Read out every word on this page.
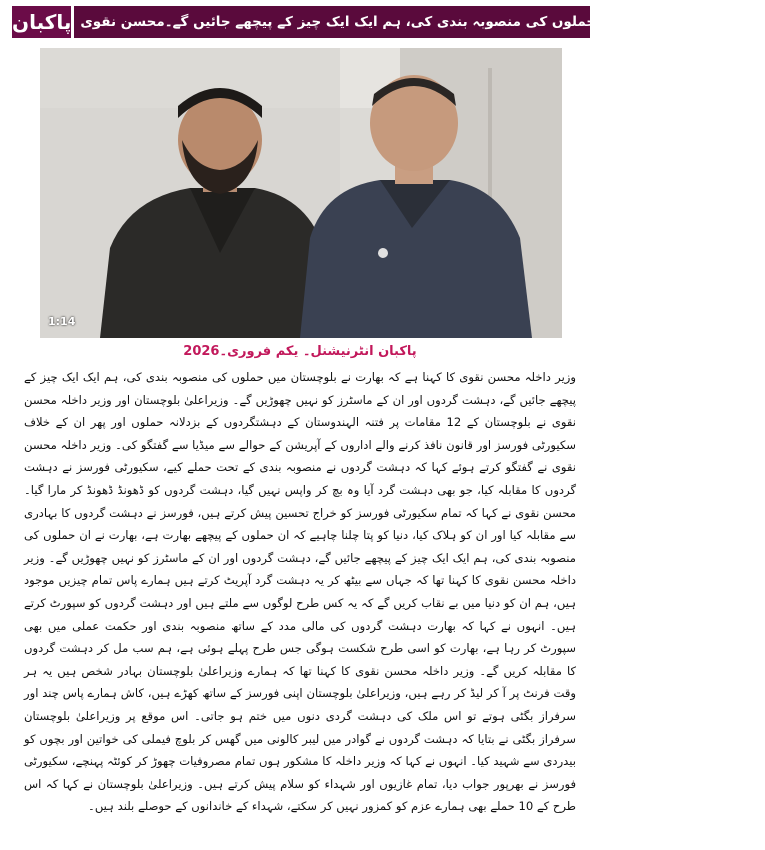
پاکبان بھارت نے بلوچستان میں حملوں کی منصوبہ بندی کی، ہم ایک ایک چیز کے پیچھے جائیں گے۔محسن نقوی
1:14
پاکبان انٹرنیشنل۔ یکم فروری۔2026

وزیر داخلہ محسن نقوی کا کہنا ہے کہ بھارت نے بلوچستان میں حملوں کی منصوبہ بندی کی، ہم ایک ایک چیز کے پیچھے جائیں گے، دہشت گردوں اور ان کے ماسٹرز کو نہیں چھوڑیں گے۔ وزیراعلیٰ بلوچستان اور وزیر داخلہ محسن نقوی نے بلوچستان کے 12 مقامات پر فتنہ الہندوستان کے دہشتگردوں کے بزدلانہ حملوں اور پھر ان کے خلاف سکیورٹی فورسز اور قانون نافذ کرنے والے اداروں کے آپریشن کے حوالے سے میڈیا سے گفتگو کی۔ وزیر داخلہ محسن نقوی نے گفتگو کرتے ہوئے کہا کہ دہشت گردوں نے منصوبہ بندی کے تحت حملے کیے، سکیورٹی فورسز نے دہشت گردوں کا مقابلہ کیا، جو بھی دہشت گرد آیا وہ بچ کر واپس نہیں گیا، دہشت گردوں کو ڈھونڈ ڈھونڈ کر مارا گیا۔ محسن نقوی نے کہا کہ تمام سکیورٹی فورسز کو خراج تحسین پیش کرتے ہیں، فورسز نے دہشت گردوں کا بہادری سے مقابلہ کیا اور ان کو ہلاک کیا، دنیا کو پتا چلنا چاہیے کہ ان حملوں کے پیچھے بھارت ہے، بھارت نے ان حملوں کی منصوبہ بندی کی، ہم ایک ایک چیز کے پیچھے جائیں گے، دہشت گردوں اور ان کے ماسٹرز کو نہیں چھوڑیں گے۔ وزیر داخلہ محسن نقوی کا کہنا تھا کہ جہاں سے بیٹھ کر یہ دہشت گرد آپریٹ کرتے ہیں ہمارے پاس تمام چیزیں موجود ہیں، ہم ان کو دنیا میں بے نقاب کریں گے کہ یہ کس طرح لوگوں سے ملتے ہیں اور دہشت گردوں کو سپورٹ کرتے ہیں۔ انہوں نے کہا کہ بھارت دہشت گردوں کی مالی مدد کے ساتھ منصوبہ بندی اور حکمت عملی میں بھی سپورٹ کر رہا ہے، بھارت کو اسی طرح شکست ہوگی جس طرح پہلے ہوئی ہے، ہم سب مل کر دہشت گردوں کا مقابلہ کریں گے۔ وزیر داخلہ محسن نقوی کا کہنا تھا کہ ہمارے وزیراعلیٰ بلوچستان بہادر شخص ہیں یہ ہر وقت فرنٹ پر آ کر لیڈ کر رہے ہیں، وزیراعلیٰ بلوچستان اپنی فورسز کے ساتھ کھڑے ہیں، کاش ہمارے پاس چند اور سرفراز بگٹی ہوتے تو اس ملک کی دہشت گردی دنوں میں ختم ہو جاتی۔ اس موقع پر وزیراعلیٰ بلوچستان سرفراز بگٹی نے بتایا کہ دہشت گردوں نے گوادر میں لیبر کالونی میں گھس کر بلوچ فیملی کی خواتین اور بچوں کو بیدردی سے شہید کیا۔ انہوں نے کہا کہ وزیر داخلہ کا مشکور ہوں تمام مصروفیات چھوڑ کر کوئٹہ پہنچے، سکیورٹی فورسز نے بھرپور جواب دیا، تمام غازیوں اور شہداء کو سلام پیش کرتے ہیں۔ وزیراعلیٰ بلوچستان نے کہا کہ اس طرح کے 10 حملے بھی ہمارے عزم کو کمزور نہیں کر سکتے، شہداء کے خاندانوں کے حوصلے بلند ہیں۔
